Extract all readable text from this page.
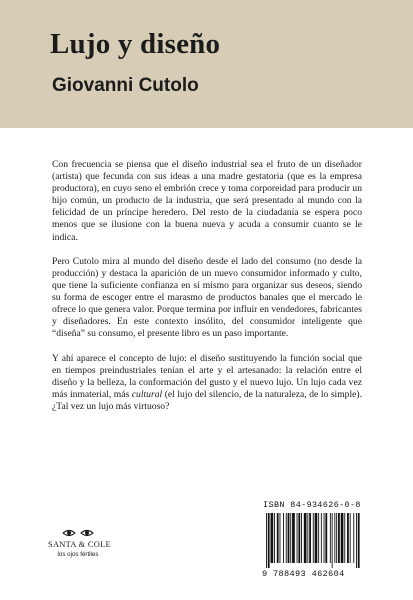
Lujo y diseño
Giovanni Cutolo

Con frecuencia se piensa que el diseño industrial sea el fruto de un diseñador (artista) que fecunda con sus ideas a una madre gestatoria (que es la empresa productora), en cuyo seno el embrión crece y toma corporeidad para producir un hijo común, un producto de la industria, que será presentado al mundo con la felicidad de un príncipe heredero. Del resto de la ciudadanía se espera poco menos que se ilusione con la buena nueva y acuda a consumir cuanto se le indica.

Pero Cutolo mira al mundo del diseño desde el lado del consumo (no desde la producción) y destaca la aparición de un nuevo consumidor informado y culto, que tiene la suficiente confianza en sí mismo para organizar sus deseos, siendo su forma de escoger entre el marasmo de productos banales que el mercado le ofrece lo que genera valor. Porque termina por influir en vendedores, fabricantes y diseñadores. En este contexto insólito, del consumidor inteligente que “diseña” su consumo, el presente libro es un paso importante.

Y ahí aparece el concepto de lujo: el diseño sustituyendo la función social que en tiempos preindustriales tenían el arte y el artesanado: la relación entre el diseño y la belleza, la conformación del gusto y el nuevo lujo. Un lujo cada vez más inmaterial, más cultural (el lujo del silencio, de la naturaleza, de lo simple). ¿Tal vez un lujo más virtuoso?

SANTA & COLE
los ojos fértiles
ISBN 84-934626-0-8
9 788493 462604
